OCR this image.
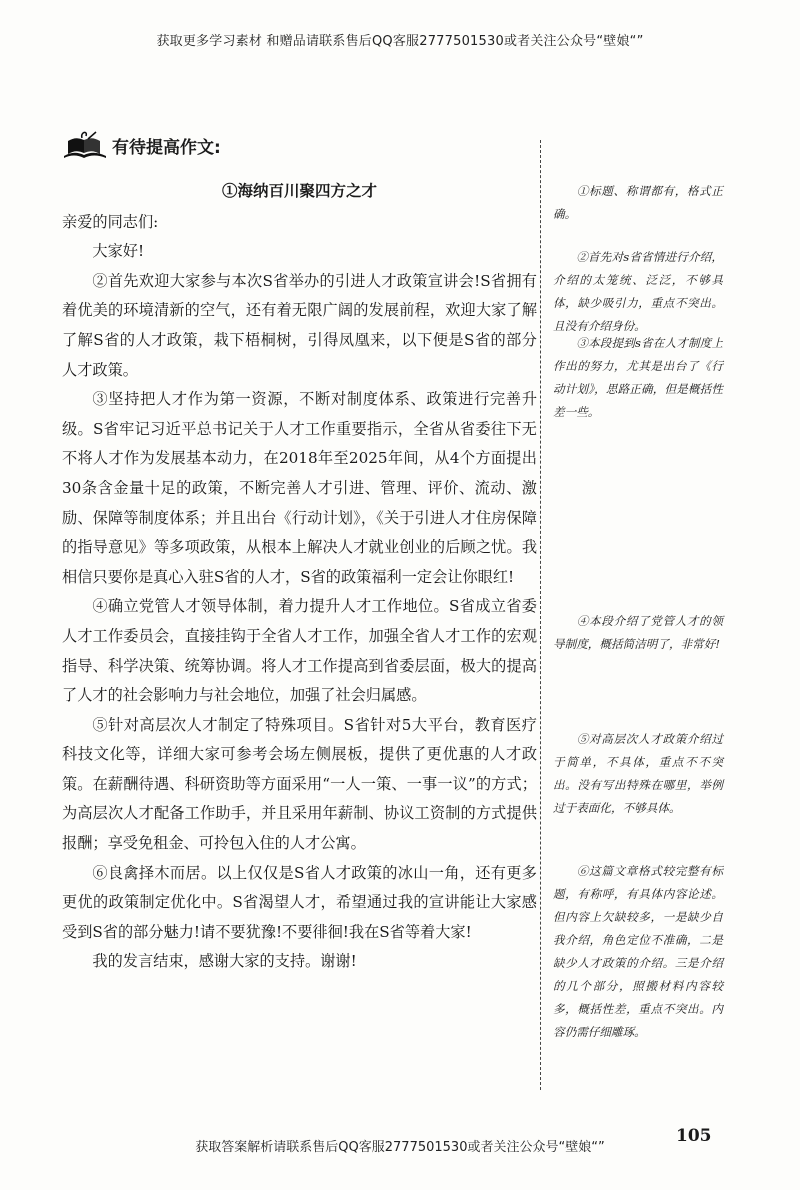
获取更多学习素材 和赠品请联系售后QQ客服2777501530或者关注公众号“壁娘“”
有待提高作文:
①海纳百川聚四方之才

亲爱的同志们:

大家好!

②首先欢迎大家参与本次S省举办的引进人才政策宣讲会!S省拥有着优美的环境清新的空气，还有着无限广阔的发展前程，欢迎大家了解了解S省的人才政策，栽下梧桐树，引得凤凰来，以下便是S省的部分人才政策。

③坚持把人才作为第一资源，不断对制度体系、政策进行完善升级。S省牢记习近平总书记关于人才工作重要指示，全省从省委往下无不将人才作为发展基本动力，在2018年至2025年间，从4个方面提出30条含金量十足的政策，不断完善人才引进、管理、评价、流动、激励、保障等制度体系；并且出台《行动计划》，《关于引进人才住房保障的指导意见》等多项政策，从根本上解决人才就业创业的后顾之忧。我相信只要你是真心入驻S省的人才，S省的政策福利一定会让你眼红!

④确立党管人才领导体制，着力提升人才工作地位。S省成立省委人才工作委员会，直接挂钩于全省人才工作，加强全省人才工作的宏观指导、科学决策、统筹协调。将人才工作提高到省委层面，极大的提高了人才的社会影响力与社会地位，加强了社会归属感。

⑤针对高层次人才制定了特殊项目。S省针对5大平台，教育医疗科技文化等，详细大家可参考会场左侧展板，提供了更优惠的人才政策。在薪酬待遇、科研资助等方面采用“一人一策、一事一议”的方式；为高层次人才配备工作助手，并且采用年薪制、协议工资制的方式提供报酬；享受免租金、可拎包入住的人才公寓。

⑥良禽择木而居。以上仅仅是S省人才政策的冰山一角，还有更多更优的政策制定优化中。S省渴望人才，希望通过我的宣讲能让大家感受到S省的部分魅力!请不要犹豫!不要徘徊!我在S省等着大家!

我的发言结束，感谢大家的支持。谢谢!

①标题、称谓都有，格式正确。
②首先对s省省情进行介绍，介绍的太笼统、泛泛，不够具体，缺少吸引力，重点不突出。且没有介绍身份。
③本段提到s省在人才制度上作出的努力，尤其是出台了《行动计划》，思路正确，但是概括性差一些。
④本段介绍了党管人才的领导制度，概括简洁明了，非常好!
⑤对高层次人才政策介绍过于简单，不具体，重点不不突出。没有写出特殊在哪里，举例过于表面化，不够具体。
⑥这篇文章格式较完整有标题，有称呼，有具体内容论述。但内容上欠缺较多，一是缺少自我介绍，角色定位不准确，二是缺少人才政策的介绍。三是介绍的几个部分，照搬材料内容较多，概括性差，重点不突出。内容仍需仔细雕琢。
获取答案解析请联系售后QQ客服2777501530或者关注公众号“壁娘“”
105
